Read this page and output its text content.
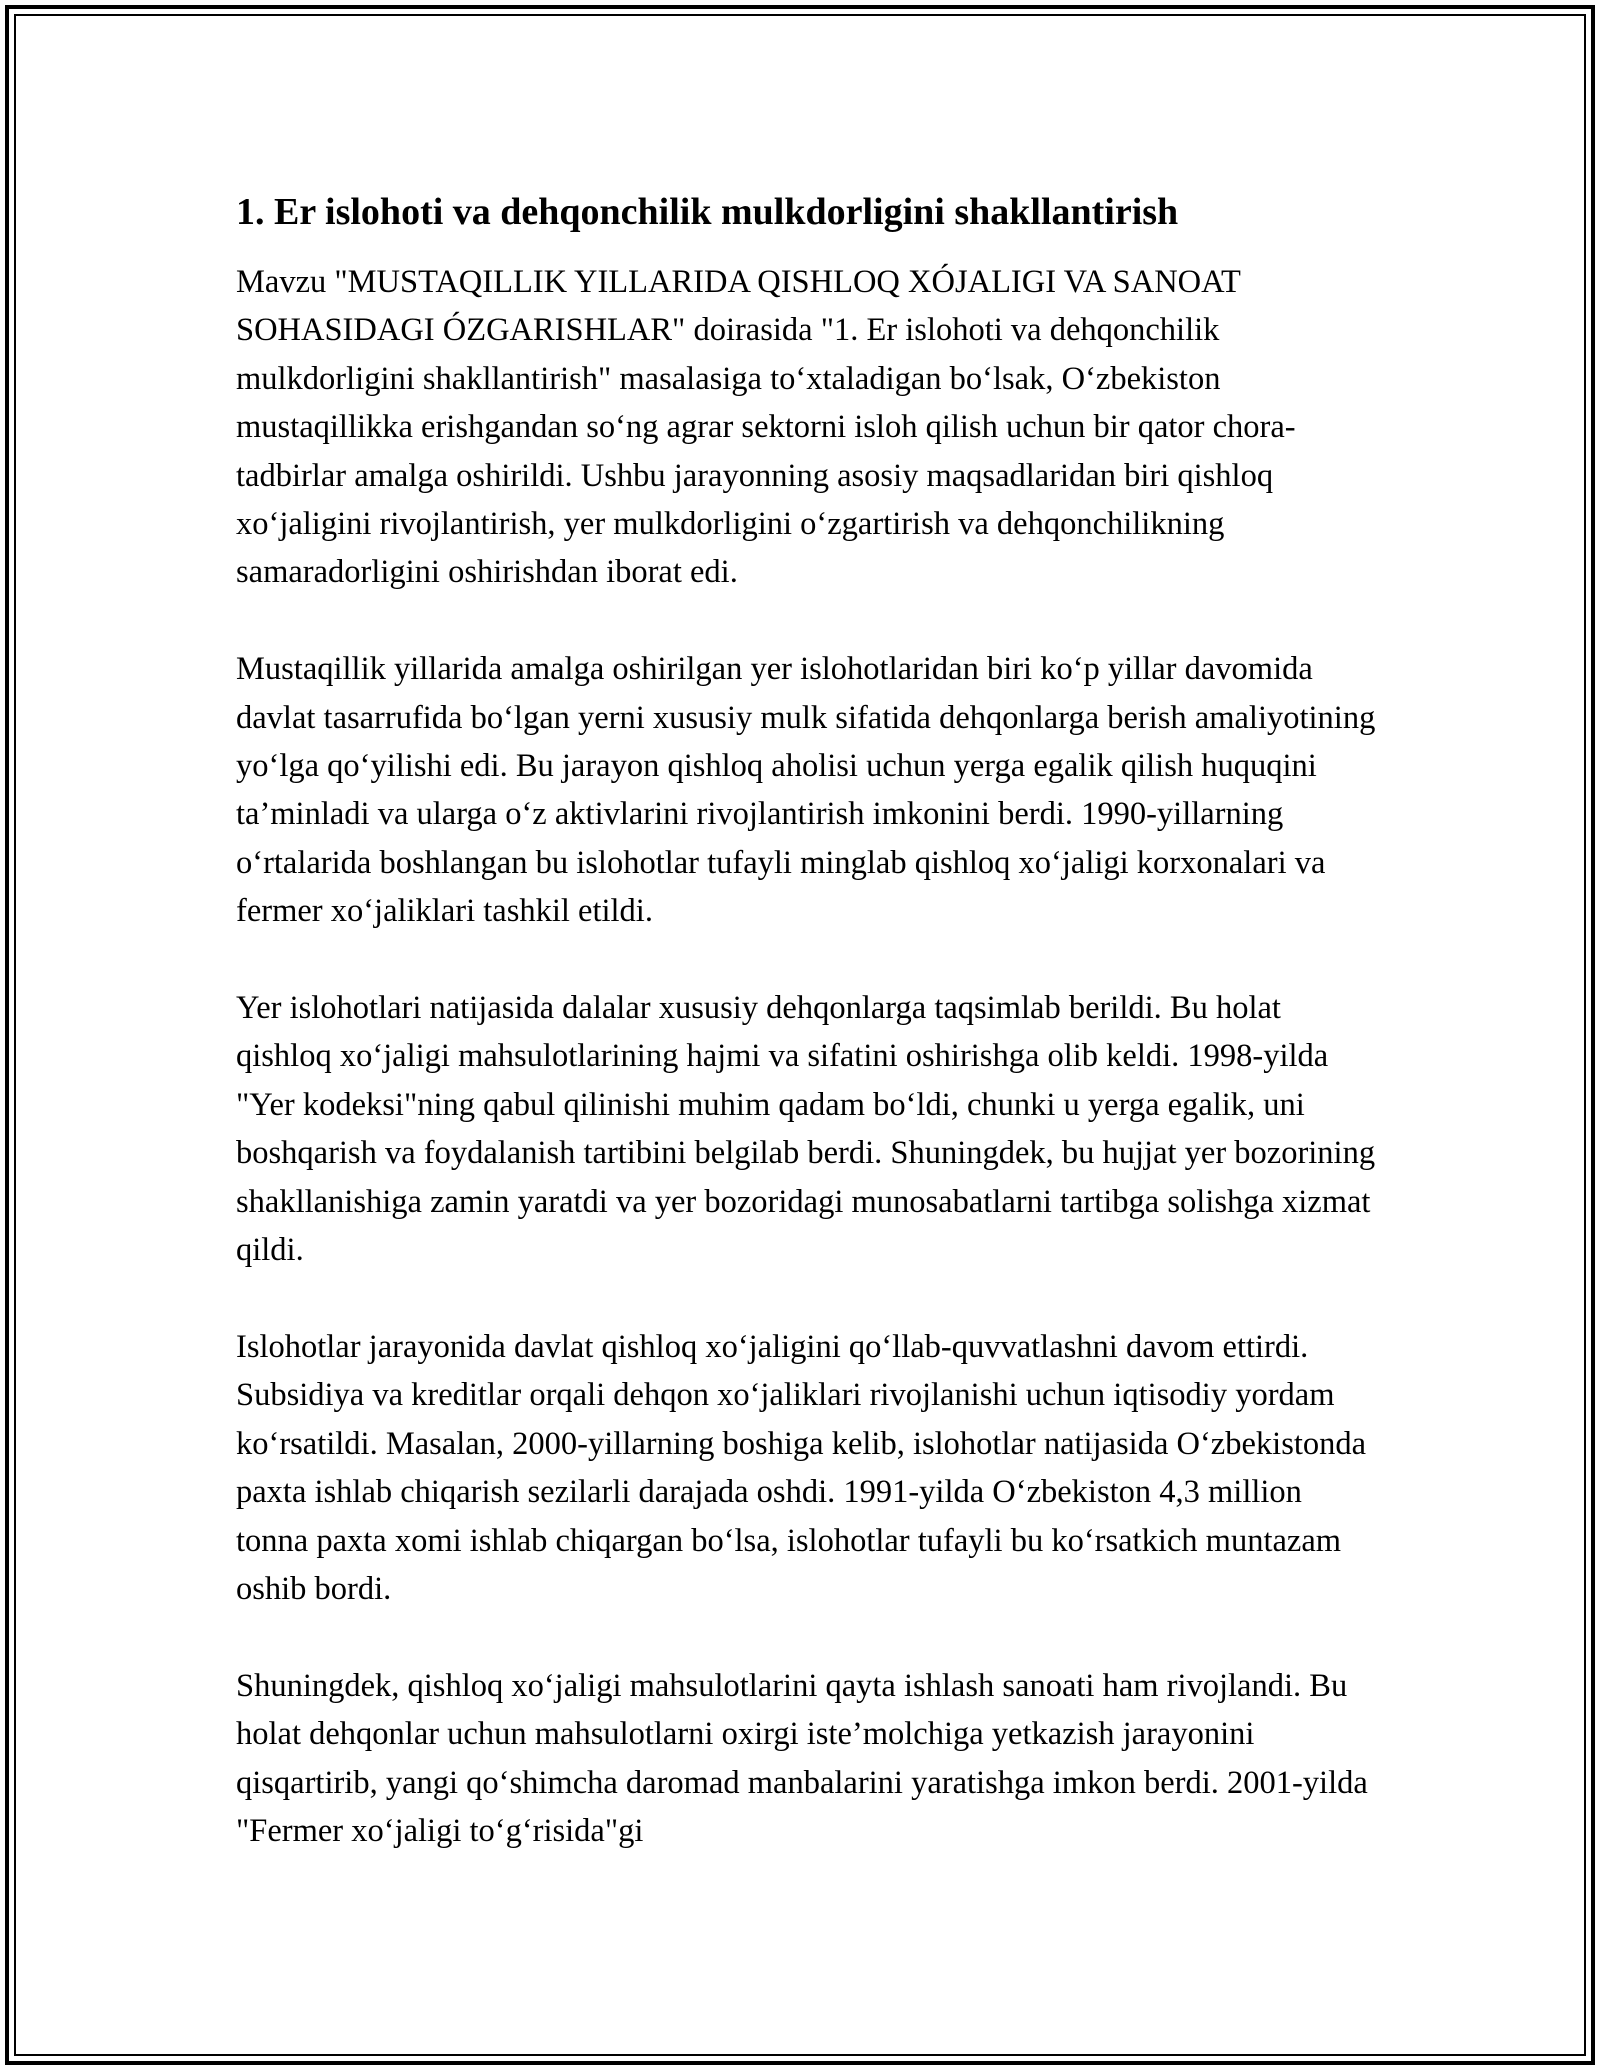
1. Er islohoti va dehqonchilik mulkdorligini shakllantirish

Mavzu "MUSTAQILLIK YILLARIDA QISHLOQ XÓJALIGI VA SANOAT SOHASIDAGI ÓZGARISHLAR" doirasida "1. Er islohoti va dehqonchilik mulkdorligini shakllantirish" masalasiga to‘xtaladigan bo‘lsak, O‘zbekiston mustaqillikka erishgandan so‘ng agrar sektorni isloh qilish uchun bir qator chora-tadbirlar amalga oshirildi. Ushbu jarayonning asosiy maqsadlaridan biri qishloq xo‘jaligini rivojlantirish, yer mulkdorligini o‘zgartirish va dehqonchilikning samaradorligini oshirishdan iborat edi.

Mustaqillik yillarida amalga oshirilgan yer islohotlaridan biri ko‘p yillar davomida davlat tasarrufida bo‘lgan yerni xususiy mulk sifatida dehqonlarga berish amaliyotining yo‘lga qo‘yilishi edi. Bu jarayon qishloq aholisi uchun yerga egalik qilish huquqini ta’minladi va ularga o‘z aktivlarini rivojlantirish imkonini berdi. 1990-yillarning o‘rtalarida boshlangan bu islohotlar tufayli minglab qishloq xo‘jaligi korxonalari va fermer xo‘jaliklari tashkil etildi.

Yer islohotlari natijasida dalalar xususiy dehqonlarga taqsimlab berildi. Bu holat qishloq xo‘jaligi mahsulotlarining hajmi va sifatini oshirishga olib keldi. 1998-yilda "Yer kodeksi"ning qabul qilinishi muhim qadam bo‘ldi, chunki u yerga egalik, uni boshqarish va foydalanish tartibini belgilab berdi. Shuningdek, bu hujjat yer bozorining shakllanishiga zamin yaratdi va yer bozoridagi munosabatlarni tartibga solishga xizmat qildi.

Islohotlar jarayonida davlat qishloq xo‘jaligini qo‘llab-quvvatlashni davom ettirdi. Subsidiya va kreditlar orqali dehqon xo‘jaliklari rivojlanishi uchun iqtisodiy yordam ko‘rsatildi. Masalan, 2000-yillarning boshiga kelib, islohotlar natijasida O‘zbekistonda paxta ishlab chiqarish sezilarli darajada oshdi. 1991-yilda O‘zbekiston 4,3 million tonna paxta xomi ishlab chiqargan bo‘lsa, islohotlar tufayli bu ko‘rsatkich muntazam oshib bordi.

Shuningdek, qishloq xo‘jaligi mahsulotlarini qayta ishlash sanoati ham rivojlandi. Bu holat dehqonlar uchun mahsulotlarni oxirgi iste’molchiga yetkazish jarayonini qisqartirib, yangi qo‘shimcha daromad manbalarini yaratishga imkon berdi. 2001-yilda "Fermer xo‘jaligi to‘g‘risida"gi
